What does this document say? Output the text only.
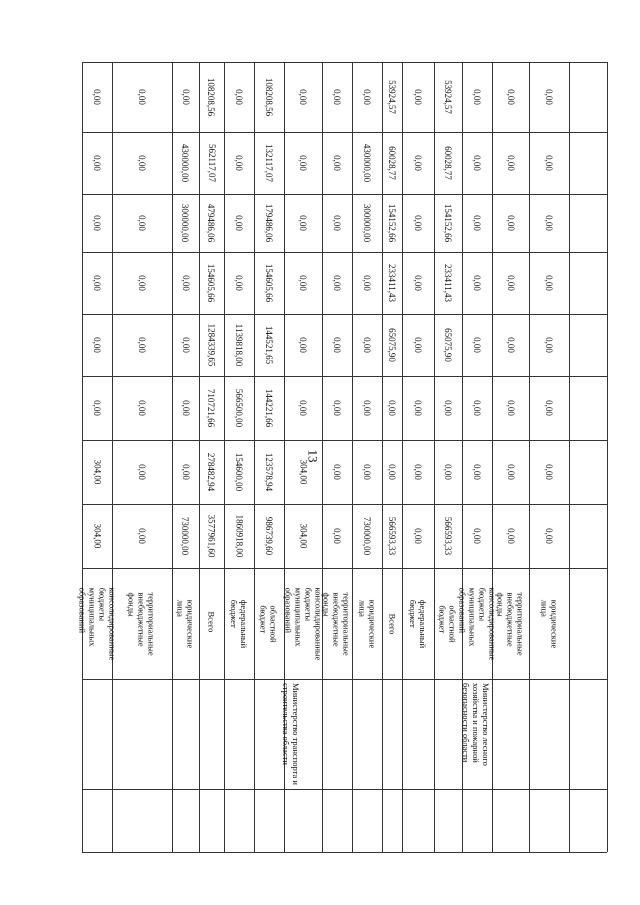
13
консолидированные бюджеты муниципальных образований
304,00
304,00
0,00
0,00
0,00
0,00
0,00
0,00
территориальные внебюджетные фонды
0,00
0,00
0,00
0,00
0,00
0,00
0,00
0,00
юридические лица
730000,00
0,00
0,00
0,00
0,00
300000,00
430000,00
0,00
Всего
3577961,60
278482,94
710721,66
1284339,65
154605,66
479486,06
562117,07
108208,56
федеральный бюджет
1860918,00
154600,00
566500,00
1139818,00
0,00
0,00
0,00
0,00
областной бюджет
986739,60
123578,94
144221,66
144521,65
154605,66
179486,06
132117,07
108208,56
консолидированные бюджеты муниципальных образований
304,00
304,00
0,00
0,00
0,00
0,00
0,00
0,00
территориальные внебюджетные фонды
0,00
0,00
0,00
0,00
0,00
0,00
0,00
0,00
юридические лица
730000,00
0,00
0,00
0,00
0,00
300000,00
430000,00
0,00
Всего
566593,33
0,00
0,00
65075,90
233411,43
154152,66
60028,77
53924,57
федеральный бюджет
0,00
0,00
0,00
0,00
0,00
0,00
0,00
0,00
областной бюджет
566593,33
0,00
0,00
65075,90
233411,43
154152,66
60028,77
53924,57
консолидированные бюджеты муниципальных образований
0,00
0,00
0,00
0,00
0,00
0,00
0,00
0,00
территориальные внебюджетные фонды
0,00
0,00
0,00
0,00
0,00
0,00
0,00
0,00
юридические лица
0,00
0,00
0,00
0,00
0,00
0,00
0,00
0,00
Министерство транспорта и строительства области	Министерство лесного хозяйства и пожарной безопасности области
